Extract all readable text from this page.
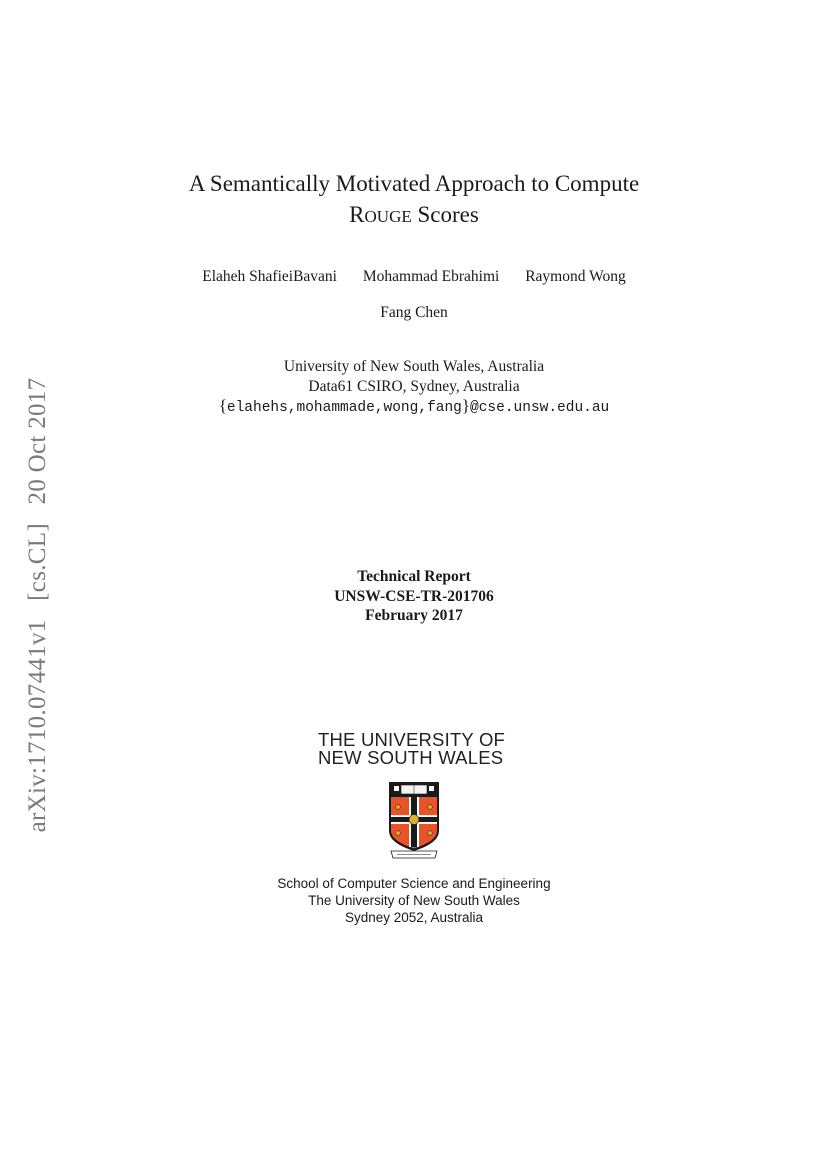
arXiv:1710.07441v1 [cs.CL] 20 Oct 2017
A Semantically Motivated Approach to Compute
ROUGE Scores
Elaheh ShafieiBavani Mohammad Ebrahimi Raymond Wong
Fang Chen
University of New South Wales, Australia
Data61 CSIRO, Sydney, Australia
{elahehs,mohammade,wong,fang}@cse.unsw.edu.au
Technical Report
UNSW-CSE-TR-201706
February 2017
THE UNIVERSITY OF
NEW SOUTH WALES
School of Computer Science and Engineering
The University of New South Wales
Sydney 2052, Australia
